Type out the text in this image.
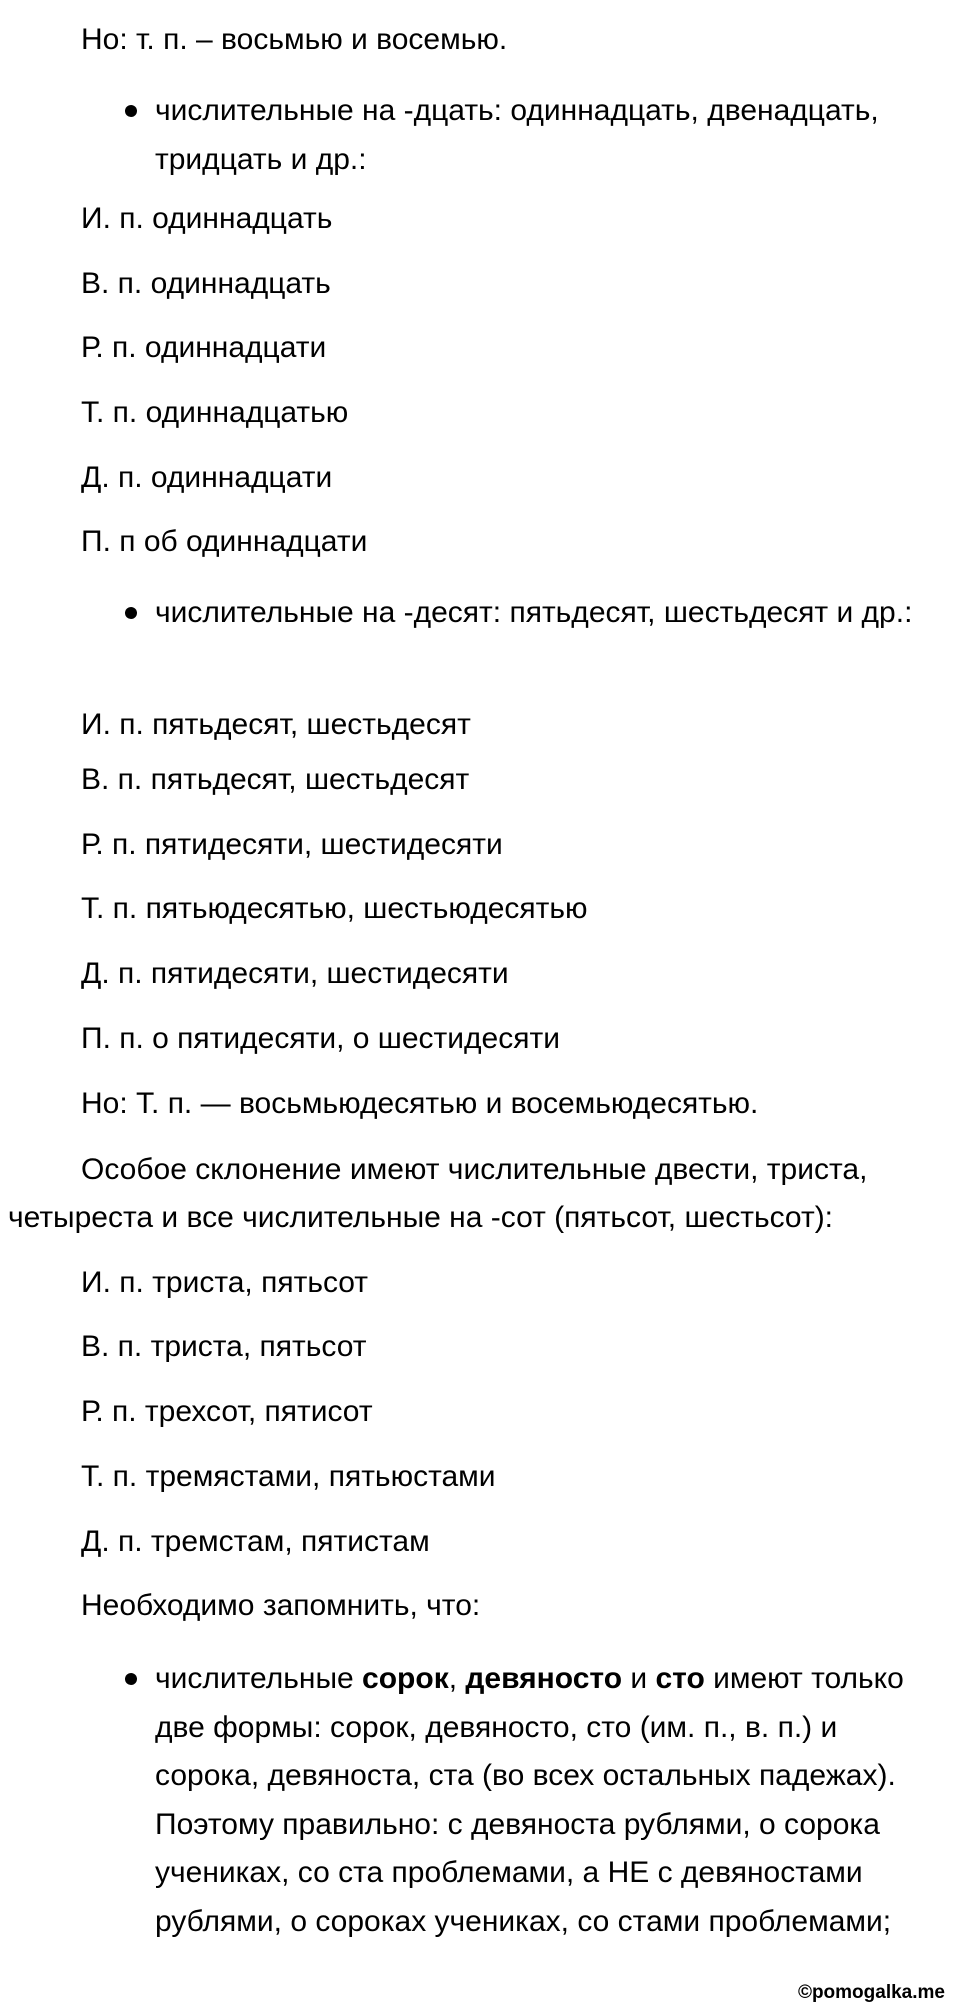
Но: т. п. – восьмью и восемью.
числительные на -дцать: одиннадцать, двенадцать, тридцать и др.:
И. п. одиннадцать
В. п. одиннадцать
Р. п. одиннадцати
Т. п. одиннадцатью
Д. п. одиннадцати
П. п об одиннадцати
числительные на -десят: пятьдесят, шестьдесят и др.:
И. п. пятьдесят, шестьдесят
В. п. пятьдесят, шестьдесят
Р. п. пятидесяти, шестидесяти
Т. п. пятьюдесятью, шестьюдесятью
Д. п. пятидесяти, шестидесяти
П. п. о пятидесяти, о шестидесяти
Но: Т. п. — восьмьюдесятью и восемьюдесятью.
Особое склонение имеют числительные двести, триста, четыреста и все числительные на -сот (пятьсот, шестьсот):
И. п. триста, пятьсот
В. п. триста, пятьсот
Р. п. трехсот, пятисот
Т. п. тремястами, пятьюстами
Д. п. тремстам, пятистам
Необходимо запомнить, что:
числительные сорок, девяносто и сто имеют только две формы: сорок, девяносто, сто (им. п., в. п.) и сорока, девяноста, ста (во всех остальных падежах). Поэтому правильно: с девяноста рублями, о сорока учениках, со ста проблемами, а НЕ с девяностами рублями, о сороках учениках, со стами проблемами;
©pomogalka.me
